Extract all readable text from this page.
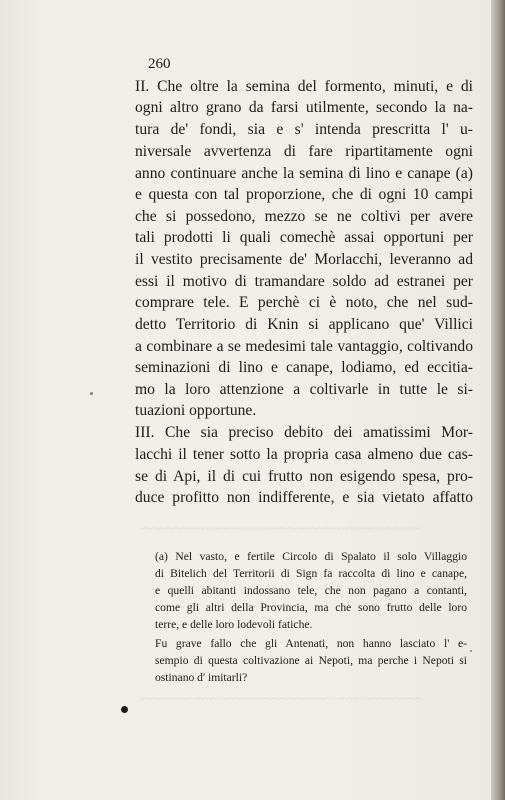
260
II. Che oltre la semina del formento, minuti, e di
ogni altro grano da farsi utilmente, secondo la na-
tura de' fondi, sia e s' intenda prescritta l' u-
niversale avvertenza di fare ripartitamente ogni
anno continuare anche la semina di lino e canape (a)
e questa con tal proporzione, che di ogni 10 campi
che si possedono, mezzo se ne coltivi per avere
tali prodotti li quali comechè assai opportuni per
il vestito precisamente de' Morlacchi, leveranno ad
essi il motivo di tramandare soldo ad estranei per
comprare tele. E perchè ci è noto, che nel sud-
detto Territorio di Knin si applicano que' Villici
a combinare a se medesimi tale vantaggio, coltivando
seminazioni di lino e canape, lodiamo, ed eccitia-
mo la loro attenzione a coltivarle in tutte le si-
tuazioni opportune.
III. Che sia preciso debito dei amatissimi Mor-
lacchi il tener sotto la propria casa almeno due cas-
se di Api, il di cui frutto non esigendo spesa, pro-
duce profitto non indifferente, e sia vietato affatto
(a) Nel vasto, e fertile Circolo di Spalato il solo Villaggio
di Bitelich del Territorii di Sign fa raccolta di lino e canape,
e quelli abitanti indossano tele, che non pagano a contanti,
come gli altri della Provincia, ma che sono frutto delle loro
terre, e delle loro lodevoli fatiche.
Fu grave fallo che gli Antenati, non hanno lasciato l' e-
sempio di questa coltivazione ai Nepoti, ma perche i Nepoti si
ostinano d' imitarli?
~~~~~~~~~~~~~~~~~~~~~~~~~~~~~~~~~~~~~
~~~~~~~~~~~~~~~~~~~~~~~~~~~~~~~~~~~~~
